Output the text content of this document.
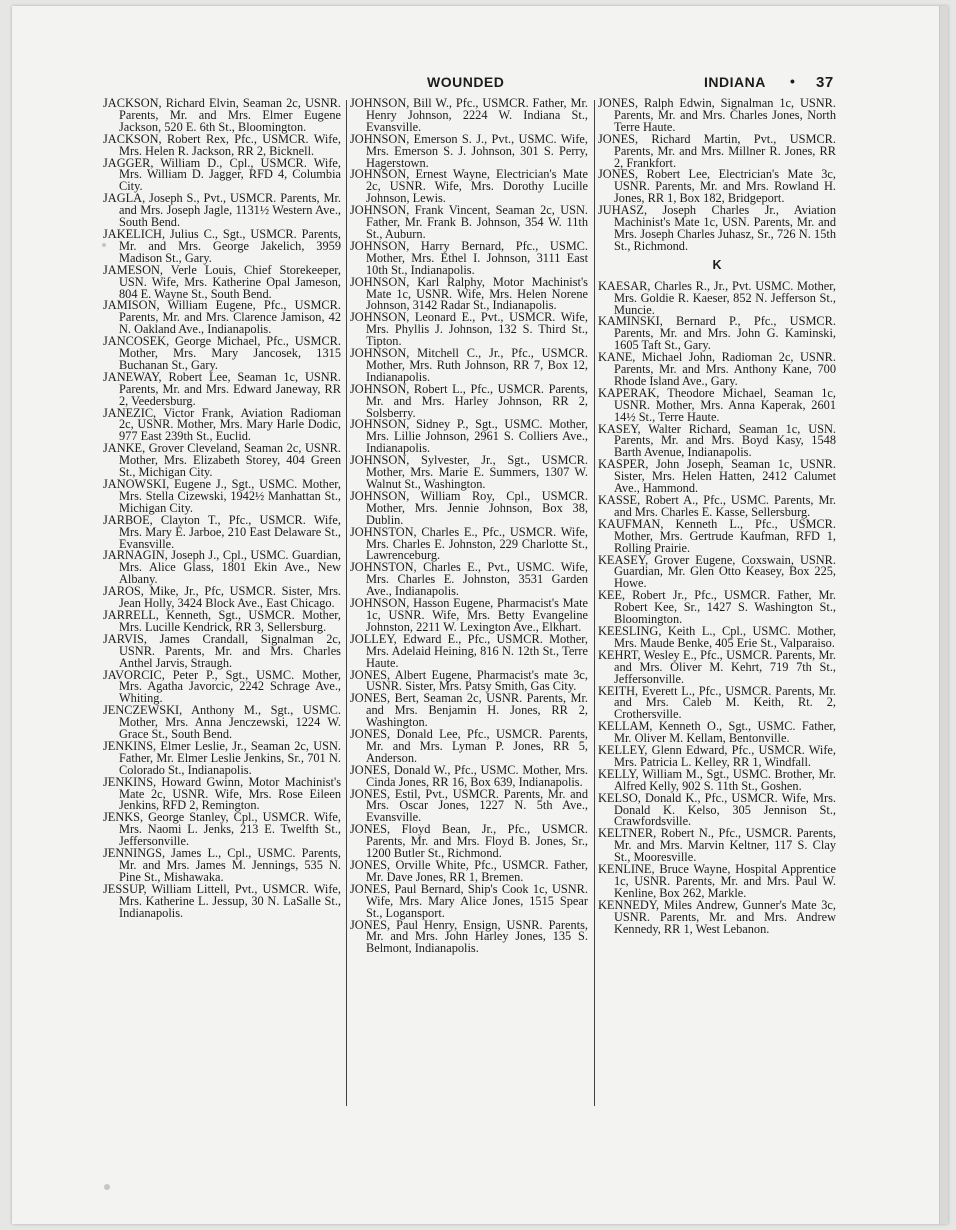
WOUNDED	INDIANA • 37

JACKSON, Richard Elvin, Seaman 2c, USNR. Parents, Mr. and Mrs. Elmer Eugene Jackson, 520 E. 6th St., Bloomington.

JACKSON, Robert Rex, Pfc., USMCR. Wife, Mrs. Helen R. Jackson, RR 2, Bicknell.

JAGGER, William D., Cpl., USMCR. Wife, Mrs. William D. Jagger, RFD 4, Columbia City.

JAGLA, Joseph S., Pvt., USMCR. Parents, Mr. and Mrs. Joseph Jagle, 1131½ Western Ave., South Bend.

JAKELICH, Julius C., Sgt., USMCR. Parents, Mr. and Mrs. George Jakelich, 3959 Madison St., Gary.

JAMESON, Verle Louis, Chief Storekeeper, USN. Wife, Mrs. Katherine Opal Jameson, 804 E. Wayne St., South Bend.

JAMISON, William Eugene, Pfc., USMCR. Parents, Mr. and Mrs. Clarence Jamison, 42 N. Oakland Ave., Indianapolis.

JANCOSEK, George Michael, Pfc., USMCR. Mother, Mrs. Mary Jancosek, 1315 Buchanan St., Gary.

JANEWAY, Robert Lee, Seaman 1c, USNR. Parents, Mr. and Mrs. Edward Janeway, RR 2, Veedersburg.

JANEZIC, Victor Frank, Aviation Radioman 2c, USNR. Mother, Mrs. Mary Harle Dodic, 977 East 239th St., Euclid.

JANKE, Grover Cleveland, Seaman 2c, USNR. Mother, Mrs. Elizabeth Storey, 404 Green St., Michigan City.

JANOWSKI, Eugene J., Sgt., USMC. Mother, Mrs. Stella Cizewski, 1942½ Manhattan St., Michigan City.

JARBOE, Clayton T., Pfc., USMCR. Wife, Mrs. Mary E. Jarboe, 210 East Delaware St., Evansville.

JARNAGIN, Joseph J., Cpl., USMC. Guardian, Mrs. Alice Glass, 1801 Ekin Ave., New Albany.

JAROS, Mike, Jr., Pfc, USMCR. Sister, Mrs. Jean Holly, 3424 Block Ave., East Chicago.

JARRELL, Kenneth, Sgt., USMCR. Mother, Mrs. Lucille Kendrick, RR 3, Sellersburg.

JARVIS, James Crandall, Signalman 2c, USNR. Parents, Mr. and Mrs. Charles Anthel Jarvis, Straugh.

JAVORCIC, Peter P., Sgt., USMC. Mother, Mrs. Agatha Javorcic, 2242 Schrage Ave., Whiting.

JENCZEWSKI, Anthony M., Sgt., USMC. Mother, Mrs. Anna Jenczewski, 1224 W. Grace St., South Bend.

JENKINS, Elmer Leslie, Jr., Seaman 2c, USN. Father, Mr. Elmer Leslie Jenkins, Sr., 701 N. Colorado St., Indianapolis.

JENKINS, Howard Gwinn, Motor Machinist's Mate 2c, USNR. Wife, Mrs. Rose Eileen Jenkins, RFD 2, Remington.

JENKS, George Stanley, Cpl., USMCR. Wife, Mrs. Naomi L. Jenks, 213 E. Twelfth St., Jeffersonville.

JENNINGS, James L., Cpl., USMC. Parents, Mr. and Mrs. James M. Jennings, 535 N. Pine St., Mishawaka.

JESSUP, William Littell, Pvt., USMCR. Wife, Mrs. Katherine L. Jessup, 30 N. LaSalle St., Indianapolis.

JOHNSON, Bill W., Pfc., USMCR. Father, Mr. Henry Johnson, 2224 W. Indiana St., Evansville.

JOHNSON, Emerson S. J., Pvt., USMC. Wife, Mrs. Emerson S. J. Johnson, 301 S. Perry, Hagerstown.

JOHNSON, Ernest Wayne, Electrician's Mate 2c, USNR. Wife, Mrs. Dorothy Lucille Johnson, Lewis.

JOHNSON, Frank Vincent, Seaman 2c, USN. Father, Mr. Frank B. Johnson, 354 W. 11th St., Auburn.

JOHNSON, Harry Bernard, Pfc., USMC. Mother, Mrs. Ethel I. Johnson, 3111 East 10th St., Indianapolis.

JOHNSON, Karl Ralphy, Motor Machinist's Mate 1c, USNR. Wife, Mrs. Helen Norene Johnson, 3142 Radar St., Indianapolis.

JOHNSON, Leonard E., Pvt., USMCR. Wife, Mrs. Phyllis J. Johnson, 132 S. Third St., Tipton.

JOHNSON, Mitchell C., Jr., Pfc., USMCR. Mother, Mrs. Ruth Johnson, RR 7, Box 12, Indianapolis.

JOHNSON, Robert L., Pfc., USMCR. Parents, Mr. and Mrs. Harley Johnson, RR 2, Solsberry.

JOHNSON, Sidney P., Sgt., USMC. Mother, Mrs. Lillie Johnson, 2961 S. Colliers Ave., Indianapolis.

JOHNSON, Sylvester, Jr., Sgt., USMCR. Mother, Mrs. Marie E. Summers, 1307 W. Walnut St., Washington.

JOHNSON, William Roy, Cpl., USMCR. Mother, Mrs. Jennie Johnson, Box 38, Dublin.

JOHNSTON, Charles E., Pfc., USMCR. Wife, Mrs. Charles E. Johnston, 229 Charlotte St., Lawrenceburg.

JOHNSTON, Charles E., Pvt., USMC. Wife, Mrs. Charles E. Johnston, 3531 Garden Ave., Indianapolis.

JOHNSON, Hasson Eugene, Pharmacist's Mate 1c, USNR. Wife, Mrs. Betty Evangeline Johnston, 2211 W. Lexington Ave., Elkhart.

JOLLEY, Edward E., Pfc., USMCR. Mother, Mrs. Adelaid Heining, 816 N. 12th St., Terre Haute.

JONES, Albert Eugene, Pharmacist's mate 3c, USNR. Sister, Mrs. Patsy Smith, Gas City.

JONES, Bert, Seaman 2c, USNR. Parents, Mr. and Mrs. Benjamin H. Jones, RR 2, Washington.

JONES, Donald Lee, Pfc., USMCR. Parents, Mr. and Mrs. Lyman P. Jones, RR 5, Anderson.

JONES, Donald W., Pfc., USMC. Mother, Mrs. Cinda Jones, RR 16, Box 639, Indianapolis.

JONES, Estil, Pvt., USMCR. Parents, Mr. and Mrs. Oscar Jones, 1227 N. 5th Ave., Evansville.

JONES, Floyd Bean, Jr., Pfc., USMCR. Parents, Mr. and Mrs. Floyd B. Jones, Sr., 1200 Butler St., Richmond.

JONES, Orville White, Pfc., USMCR. Father, Mr. Dave Jones, RR 1, Bremen.

JONES, Paul Bernard, Ship's Cook 1c, USNR. Wife, Mrs. Mary Alice Jones, 1515 Spear St., Logansport.

JONES, Paul Henry, Ensign, USNR. Parents, Mr. and Mrs. John Harley Jones, 135 S. Belmont, Indianapolis.

JONES, Ralph Edwin, Signalman 1c, USNR. Parents, Mr. and Mrs. Charles Jones, North Terre Haute.

JONES, Richard Martin, Pvt., USMCR. Parents, Mr. and Mrs. Millner R. Jones, RR 2, Frankfort.

JONES, Robert Lee, Electrician's Mate 3c, USNR. Parents, Mr. and Mrs. Rowland H. Jones, RR 1, Box 182, Bridgeport.

JUHASZ, Joseph Charles Jr., Aviation Machinist's Mate 1c, USN. Parents, Mr. and Mrs. Joseph Charles Juhasz, Sr., 726 N. 15th St., Richmond.

K

KAESAR, Charles R., Jr., Pvt. USMC. Mother, Mrs. Goldie R. Kaeser, 852 N. Jefferson St., Muncie.

KAMINSKI, Bernard P., Pfc., USMCR. Parents, Mr. and Mrs. John G. Kaminski, 1605 Taft St., Gary.

KANE, Michael John, Radioman 2c, USNR. Parents, Mr. and Mrs. Anthony Kane, 700 Rhode Island Ave., Gary.

KAPERAK, Theodore Michael, Seaman 1c, USNR. Mother, Mrs. Anna Kaperak, 2601 14½ St., Terre Haute.

KASEY, Walter Richard, Seaman 1c, USN. Parents, Mr. and Mrs. Boyd Kasy, 1548 Barth Avenue, Indianapolis.

KASPER, John Joseph, Seaman 1c, USNR. Sister, Mrs. Helen Hatten, 2412 Calumet Ave., Hammond.

KASSE, Robert A., Pfc., USMC. Parents, Mr. and Mrs. Charles E. Kasse, Sellersburg.

KAUFMAN, Kenneth L., Pfc., USMCR. Mother, Mrs. Gertrude Kaufman, RFD 1, Rolling Prairie.

KEASEY, Grover Eugene, Coxswain, USNR. Guardian, Mr. Glen Otto Keasey, Box 225, Howe.

KEE, Robert Jr., Pfc., USMCR. Father, Mr. Robert Kee, Sr., 1427 S. Washington St., Bloomington.

KEESLING, Keith L., Cpl., USMC. Mother, Mrs. Maude Benke, 405 Erie St., Valparaiso.

KEHRT, Wesley E., Pfc., USMCR. Parents, Mr. and Mrs. Oliver M. Kehrt, 719 7th St., Jeffersonville.

KEITH, Everett L., Pfc., USMCR. Parents, Mr. and Mrs. Caleb M. Keith, Rt. 2, Crothersville.

KELLAM, Kenneth O., Sgt., USMC. Father, Mr. Oliver M. Kellam, Bentonville.

KELLEY, Glenn Edward, Pfc., USMCR. Wife, Mrs. Patricia L. Kelley, RR 1, Windfall.

KELLY, William M., Sgt., USMC. Brother, Mr. Alfred Kelly, 902 S. 11th St., Goshen.

KELSO, Donald K., Pfc., USMCR. Wife, Mrs. Donald K. Kelso, 305 Jennison St., Crawfordsville.

KELTNER, Robert N., Pfc., USMCR. Parents, Mr. and Mrs. Marvin Keltner, 117 S. Clay St., Mooresville.

KENLINE, Bruce Wayne, Hospital Apprentice 1c, USNR. Parents, Mr. and Mrs. Paul W. Kenline, Box 262, Markle.

KENNEDY, Miles Andrew, Gunner's Mate 3c, USNR. Parents, Mr. and Mrs. Andrew Kennedy, RR 1, West Lebanon.
